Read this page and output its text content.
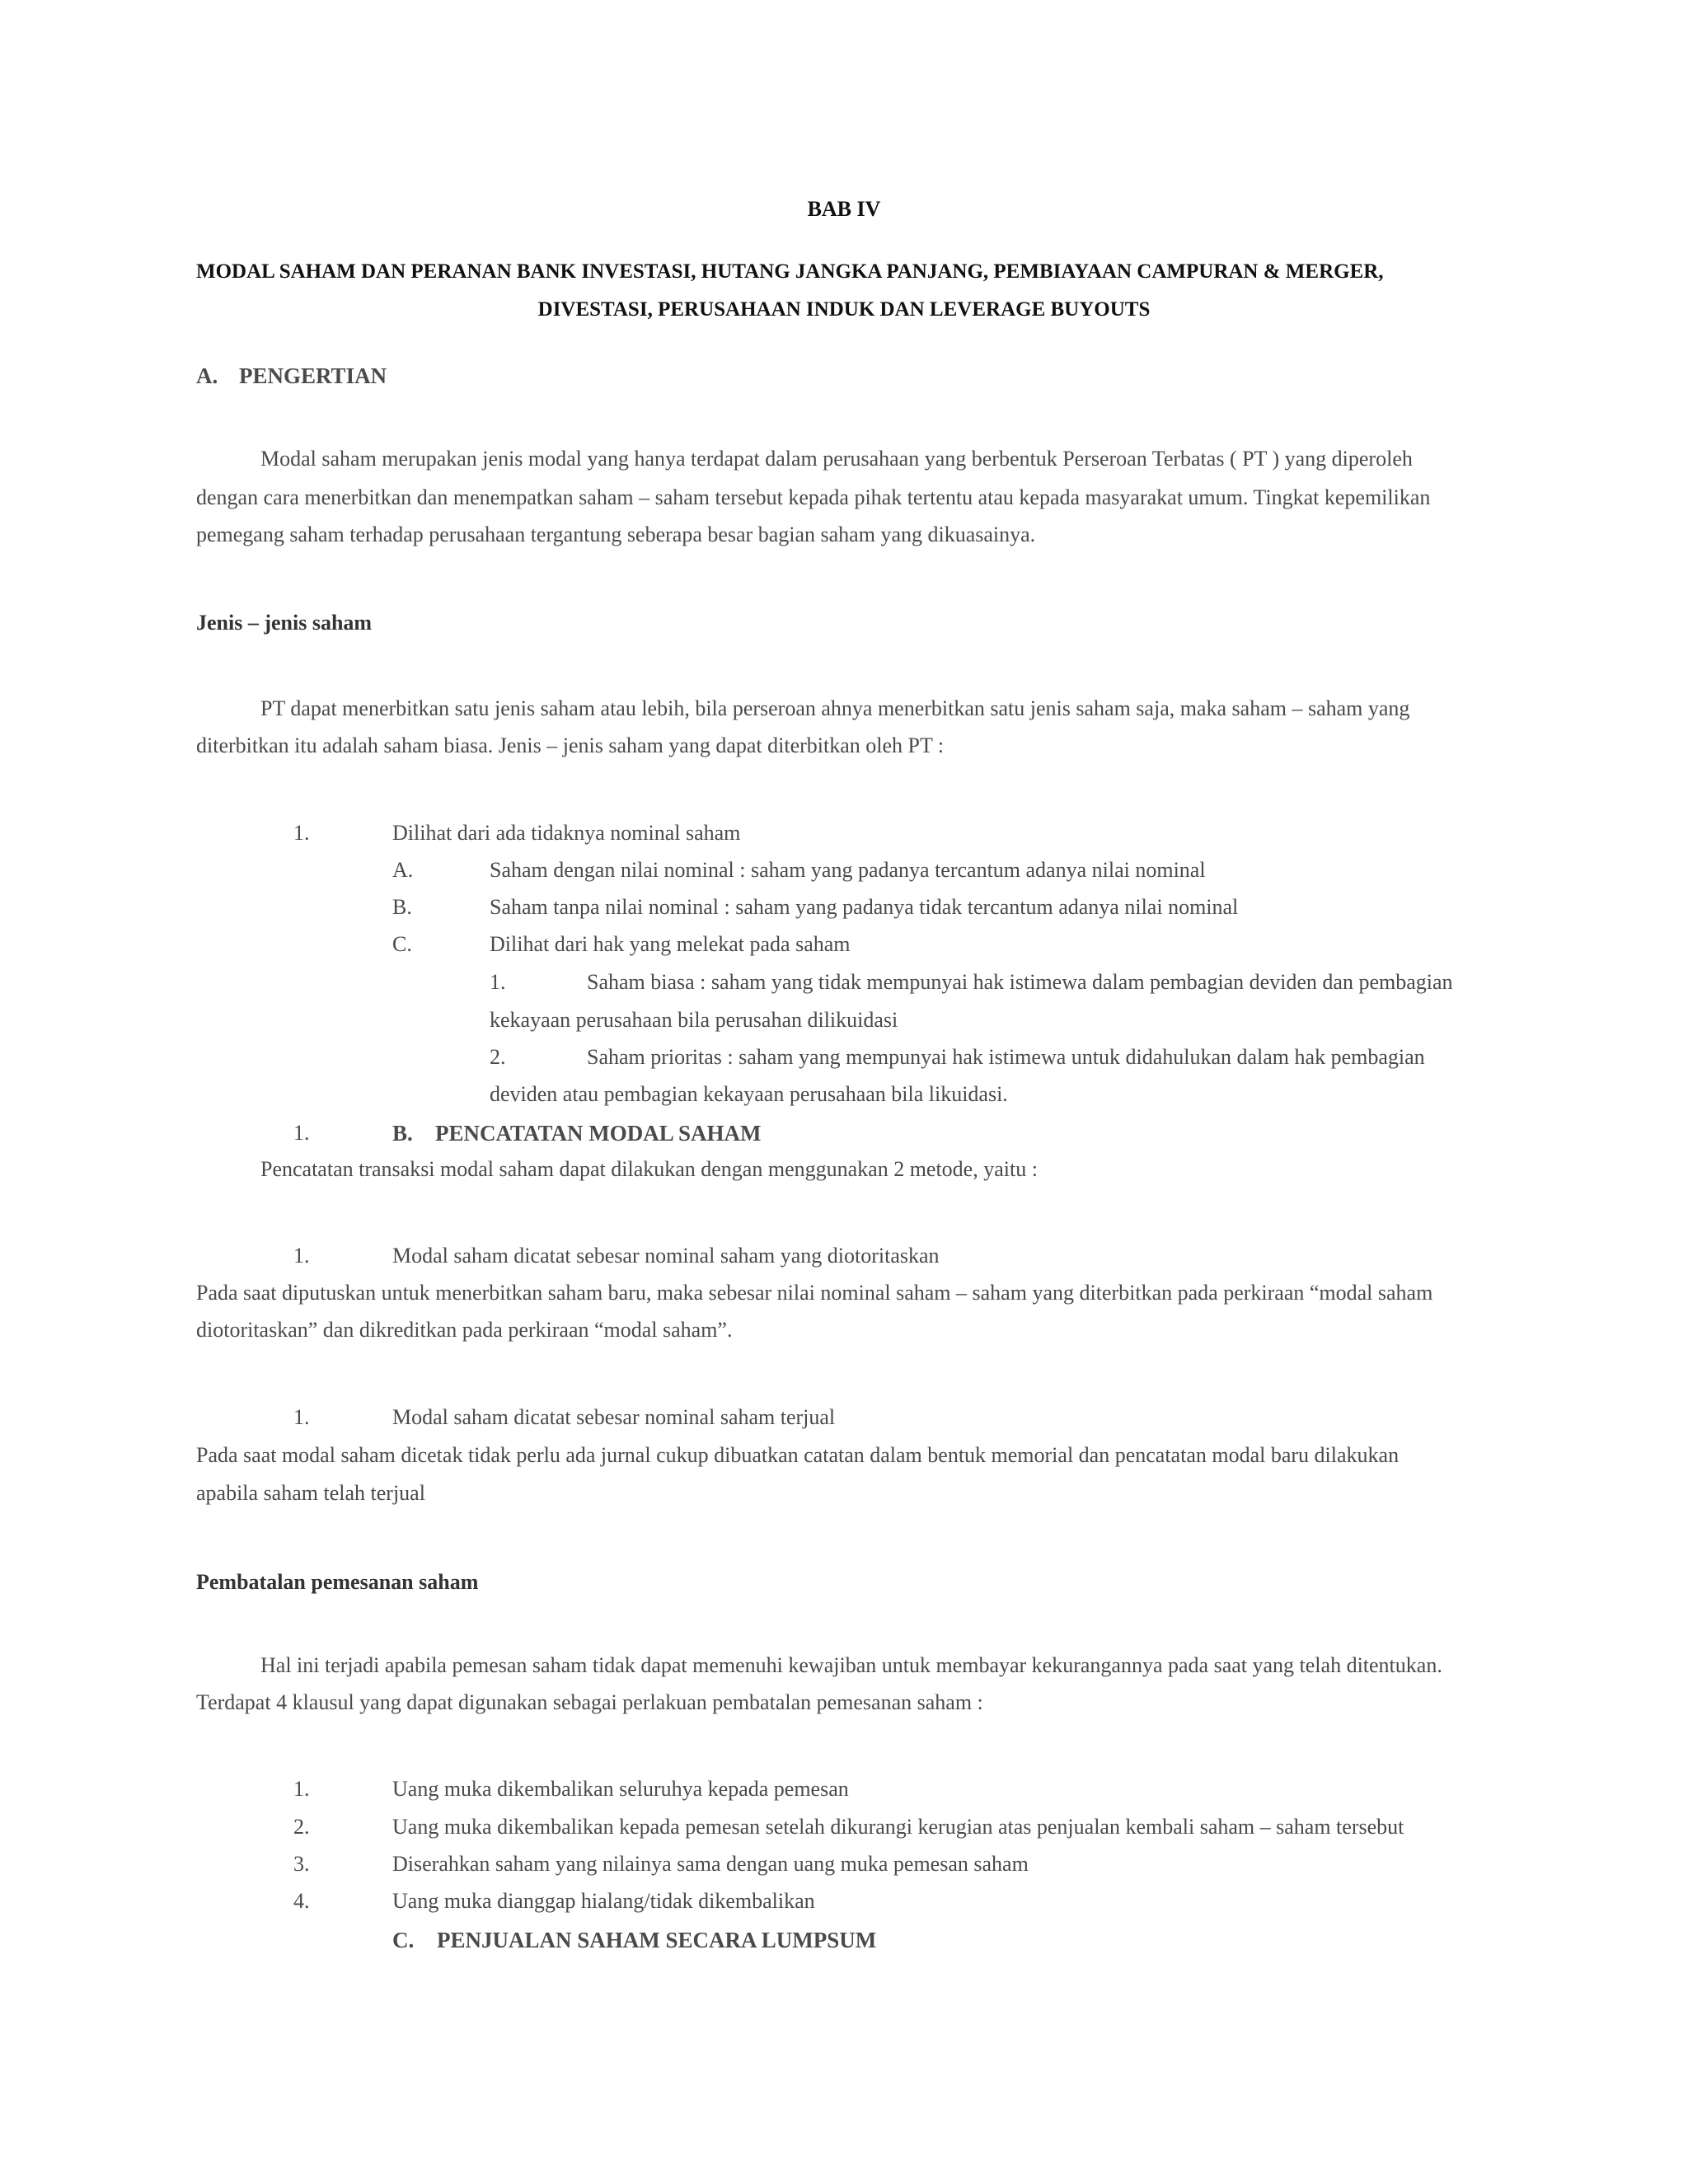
BAB IV
MODAL SAHAM DAN PERANAN BANK INVESTASI, HUTANG JANGKA PANJANG, PEMBIAYAAN CAMPURAN & MERGER,
DIVESTASI, PERUSAHAAN INDUK DAN LEVERAGE BUYOUTS
A. PENGERTIAN
Modal saham merupakan jenis modal yang hanya terdapat dalam perusahaan yang berbentuk Perseroan Terbatas ( PT ) yang diperoleh
dengan cara menerbitkan dan menempatkan saham – saham tersebut kepada pihak tertentu atau kepada masyarakat umum. Tingkat kepemilikan
pemegang saham terhadap perusahaan tergantung seberapa besar bagian saham yang dikuasainya.
Jenis – jenis saham
PT dapat menerbitkan satu jenis saham atau lebih, bila perseroan ahnya menerbitkan satu jenis saham saja, maka saham – saham yang
diterbitkan itu adalah saham biasa. Jenis – jenis saham yang dapat diterbitkan oleh PT :
1.	Dilihat dari ada tidaknya nominal saham
A.	Saham dengan nilai nominal : saham yang padanya tercantum adanya nilai nominal
B.	Saham tanpa nilai nominal : saham yang padanya tidak tercantum adanya nilai nominal
C.	Dilihat dari hak yang melekat pada saham
1.	Saham biasa : saham yang tidak mempunyai hak istimewa dalam pembagian deviden dan pembagian
kekayaan perusahaan bila perusahan dilikuidasi
2.	Saham prioritas : saham yang mempunyai hak istimewa untuk didahulukan dalam hak pembagian
deviden atau pembagian kekayaan perusahaan bila likuidasi.
1.	B. PENCATATAN MODAL SAHAM
Pencatatan transaksi modal saham dapat dilakukan dengan menggunakan 2 metode, yaitu :
1.	Modal saham dicatat sebesar nominal saham yang diotoritaskan
Pada saat diputuskan untuk menerbitkan saham baru, maka sebesar nilai nominal saham – saham yang diterbitkan pada perkiraan “modal saham
diotoritaskan” dan dikreditkan pada perkiraan “modal saham”.
1.	Modal saham dicatat sebesar nominal saham terjual
Pada saat modal saham dicetak tidak perlu ada jurnal cukup dibuatkan catatan dalam bentuk memorial dan pencatatan modal baru dilakukan
apabila saham telah terjual
Pembatalan pemesanan saham
Hal ini terjadi apabila pemesan saham tidak dapat memenuhi kewajiban untuk membayar kekurangannya pada saat yang telah ditentukan.
Terdapat 4 klausul yang dapat digunakan sebagai perlakuan pembatalan pemesanan saham :
1.	Uang muka dikembalikan seluruhya kepada pemesan
2.	Uang muka dikembalikan kepada pemesan setelah dikurangi kerugian atas penjualan kembali saham – saham tersebut
3.	Diserahkan saham yang nilainya sama dengan uang muka pemesan saham
4.	Uang muka dianggap hialang/tidak dikembalikan
C. PENJUALAN SAHAM SECARA LUMPSUM
